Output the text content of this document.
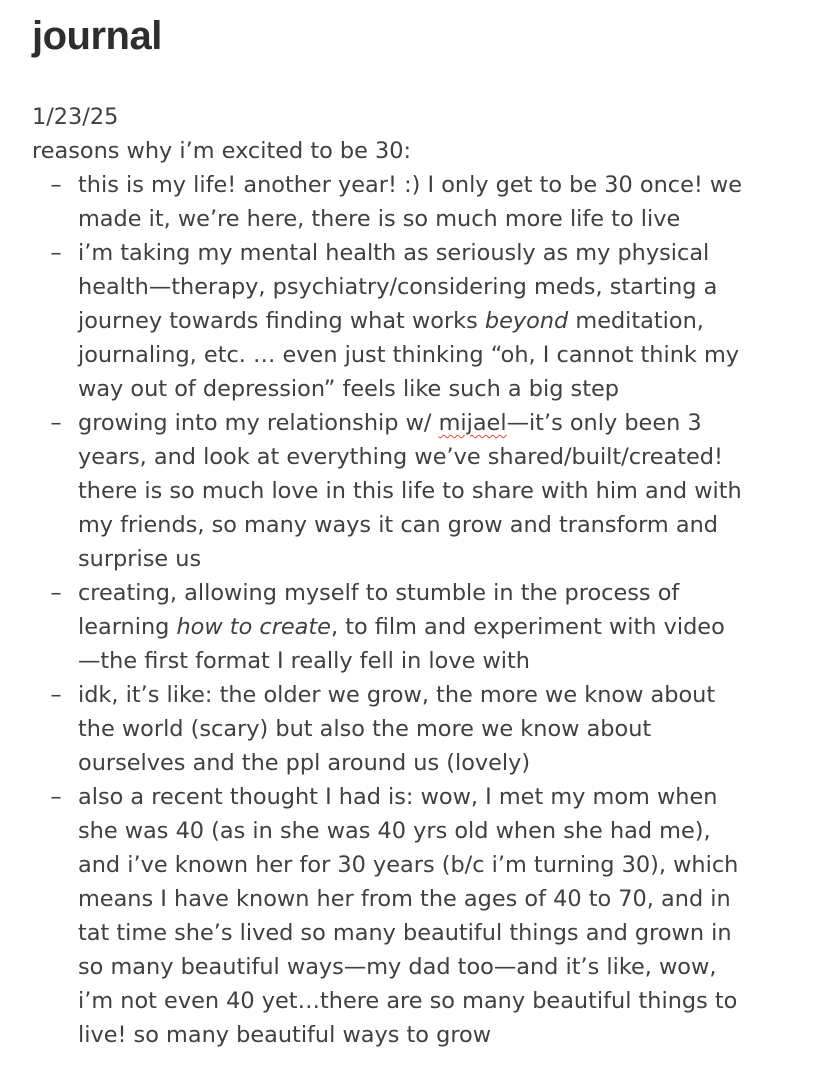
journal
1/23/25
reasons why i’m excited to be 30:
– this is my life! another year! :) I only get to be 30 once! we
made it, we’re here, there is so much more life to live
– i’m taking my mental health as seriously as my physical
health—therapy, psychiatry/considering meds, starting a
journey towards finding what works beyond meditation,
journaling, etc. … even just thinking “oh, I cannot think my
way out of depression” feels like such a big step
– growing into my relationship w/ mijael—it’s only been 3
years, and look at everything we’ve shared/built/created!
there is so much love in this life to share with him and with
my friends, so many ways it can grow and transform and
surprise us
– creating, allowing myself to stumble in the process of
learning how to create, to film and experiment with video
—the first format I really fell in love with
– idk, it’s like: the older we grow, the more we know about
the world (scary) but also the more we know about
ourselves and the ppl around us (lovely)
– also a recent thought I had is: wow, I met my mom when
she was 40 (as in she was 40 yrs old when she had me),
and i’ve known her for 30 years (b/c i’m turning 30), which
means I have known her from the ages of 40 to 70, and in
tat time she’s lived so many beautiful things and grown in
so many beautiful ways—my dad too—and it’s like, wow,
i’m not even 40 yet…there are so many beautiful things to
live! so many beautiful ways to grow
